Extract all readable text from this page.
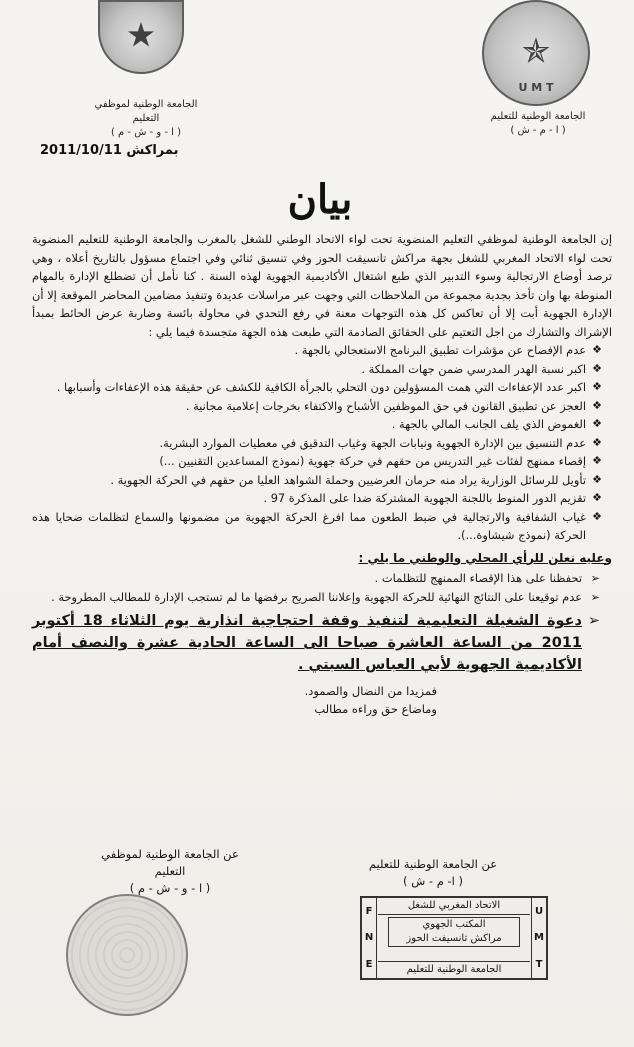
★
الجامعة الوطنية لموظفي التعليم
( ا - و - ش - م )
✯
U M T
الجامعة الوطنية للتعليم
( ا - م - ش )
بمراكش 2011/10/11
بيان

إن الجامعة الوطنية لموظفي التعليم المنضوية تحت لواء الاتحاد الوطني للشغل بالمغرب والجامعة الوطنية للتعليم المنضوية تحت لواء الاتحاد المغربي للشغل بجهة مراكش تانسيفت الحوز وفي تنسيق ثنائي وفي اجتماع مسؤول بالتاريخ أعلاه ، وهي ترصد أوضاع الارتجالية وسوء التدبير الذي طبع اشتغال الأكاديمية الجهوية لهذه السنة . كنا نأمل أن تضطلع الإدارة بالمهام المنوطة بها وان تأخذ بجدية مجموعة من الملاحظات التي وجهت عبر مراسلات عديدة وتنفيذ مضامين المحاضر الموقعة إلا أن الإدارة الجهوية أبت إلا أن تعاكس كل هذه التوجهات معنة في رفع التحدي في محاولة بائسة وضاربة عرض الحائط بمبدأ الإشراك والتشارك من اجل التعتيم على الحقائق الصادمة التي طبعت هذه الجهة متجسدة فيما يلي :

❖
عدم الإفصاح عن مؤشرات تطبيق البرنامج الاستعجالي بالجهة .
❖
اكبر نسبة الهدر المدرسي ضمن جهات المملكة .
❖
اكبر عدد الإعفاءات التي همت المسؤولين دون التحلي بالجرأة الكافية للكشف عن حقيقة هذه الإعفاءات وأسبابها .
❖
العجز عن تطبيق القانون في حق الموظفين الأشباح والاكتفاء بخرجات إعلامية مجانية .
❖
الغموض الذي يلف الجانب المالي بالجهة .
❖
عدم التنسيق بين الإدارة الجهوية ونيابات الجهة وغياب التدقيق في معطيات الموارد البشرية.
❖
إقصاء ممنهج لفئات غير التدريس من حقهم في حركة جهوية (نموذج المساعدين التقنيين ...)
❖
تأويل للرسائل الوزارية يراد منه حرمان العرضيين وحملة الشواهد العليا من حقهم في الحركة الجهوية .
❖
تقزيم الدور المنوط باللجنة الجهوية المشتركة ضدا على المذكرة 97 .
❖
غياب الشفافية والارتجالية في ضبط الطعون مما افرغ الحركة الجهوية من مضمونها والسماع لتظلمات ضحايا هذه الحركة (نموذج شيشاوة...).
وعليه نعلن للرأي المحلي والوطني ما يلي :
➢
تحفظنا على هذا الإقصاء الممنهج للتظلمات .
➢
عدم توقيعنا على النتائج النهائية للحركة الجهوية وإعلاننا الصريح برفضها ما لم تستجب الإدارة للمطالب المطروحة .
➢
دعوة الشغيلة التعليمية لتنفيذ وقفة احتجاجية انذارية يوم الثلاثاء 18 أكتوبر 2011 من الساعة العاشرة صباحا الى الساعة الحادية عشرة والنصف أمام الأكاديمية الجهوية لأبي العباس السبتي .
فمزيدا من النضال والصمود.
وماضاع حق وراءه مطالب
عن الجامعة الوطنية لموظفي التعليم
( ا - و - ش - م )
عن الجامعة الوطنية للتعليم
( ا- م - ش )
U
M
T
F
N
E
الاتحاد المغربي للشغل
المكتب الجهوي
مراكش تانسيفت الحوز
الجامعة الوطنية للتعليم
